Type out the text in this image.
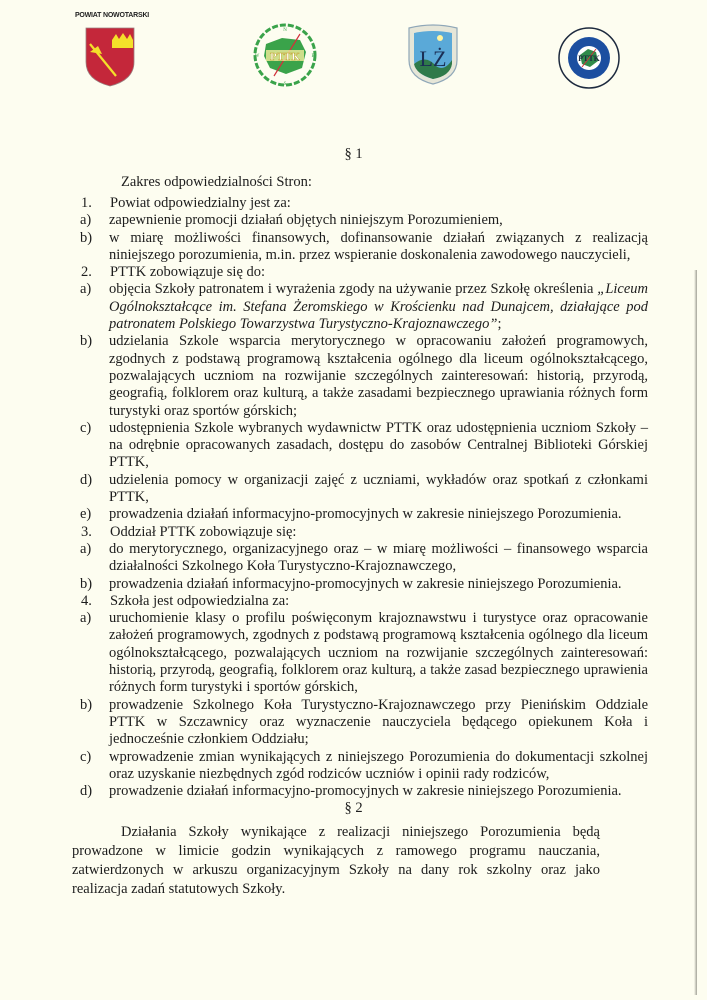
POWIAT NOWOTARSKI
PTTK
N
E
S
W	LŻ	PTTK
§ 1
Zakres odpowiedzialności Stron:
1.	Powiat odpowiedzialny jest za:
a)	zapewnienie promocji działań objętych niniejszym Porozumieniem,
b)	w miarę możliwości finansowych, dofinansowanie działań związanych z realizacją niniejszego porozumienia, m.in. przez wspieranie doskonalenia zawodowego nauczycieli,
2.	PTTK zobowiązuje się do:
a)	objęcia Szkoły patronatem i wyrażenia zgody na używanie przez Szkołę określenia „Liceum Ogólnokształcące im. Stefana Żeromskiego w Krościenku nad Dunajcem, działające pod patronatem Polskiego Towarzystwa Turystyczno-Krajoznawczego”;
b)	udzielania Szkole wsparcia merytorycznego w opracowaniu założeń programowych, zgodnych z podstawą programową kształcenia ogólnego dla liceum ogólnokształcącego, pozwalających uczniom na rozwijanie szczególnych zainteresowań: historią, przyrodą, geografią, folklorem oraz kulturą, a także zasadami bezpiecznego uprawiania różnych form turystyki oraz sportów górskich;
c)	udostępnienia Szkole wybranych wydawnictw PTTK oraz udostępnienia uczniom Szkoły – na odrębnie opracowanych zasadach, dostępu do zasobów Centralnej Biblioteki Górskiej PTTK,
d)	udzielenia pomocy w organizacji zajęć z uczniami, wykładów oraz spotkań z członkami PTTK,
e)	prowadzenia działań informacyjno-promocyjnych w zakresie niniejszego Porozumienia.
3.	Oddział PTTK zobowiązuje się:
a)	do merytorycznego, organizacyjnego oraz – w miarę możliwości – finansowego wsparcia działalności Szkolnego Koła Turystyczno-Krajoznawczego,
b)	prowadzenia działań informacyjno-promocyjnych w zakresie niniejszego Porozumienia.
4.	Szkoła jest odpowiedzialna za:
a)	uruchomienie klasy o profilu poświęconym krajoznawstwu i turystyce oraz opracowanie założeń programowych, zgodnych z podstawą programową kształcenia ogólnego dla liceum ogólnokształcącego, pozwalających uczniom na rozwijanie szczególnych zainteresowań: historią, przyrodą, geografią, folklorem oraz kulturą, a także zasad bezpiecznego uprawienia różnych form turystyki i sportów górskich,
b)	prowadzenie Szkolnego Koła Turystyczno-Krajoznawczego przy Pienińskim Oddziale PTTK w Szczawnicy oraz wyznaczenie nauczyciela będącego opiekunem Koła i jednocześnie członkiem Oddziału;
c)	wprowadzenie zmian wynikających z niniejszego Porozumienia do dokumentacji szkolnej oraz uzyskanie niezbędnych zgód rodziców uczniów i opinii rady rodziców,
d)	prowadzenie działań informacyjno-promocyjnych w zakresie niniejszego Porozumienia.
§ 2
Działania Szkoły wynikające z realizacji niniejszego Porozumienia będą prowadzone w limicie godzin wynikających z ramowego programu nauczania, zatwierdzonych w arkuszu organizacyjnym Szkoły na dany rok szkolny oraz jako realizacja zadań statutowych Szkoły.
